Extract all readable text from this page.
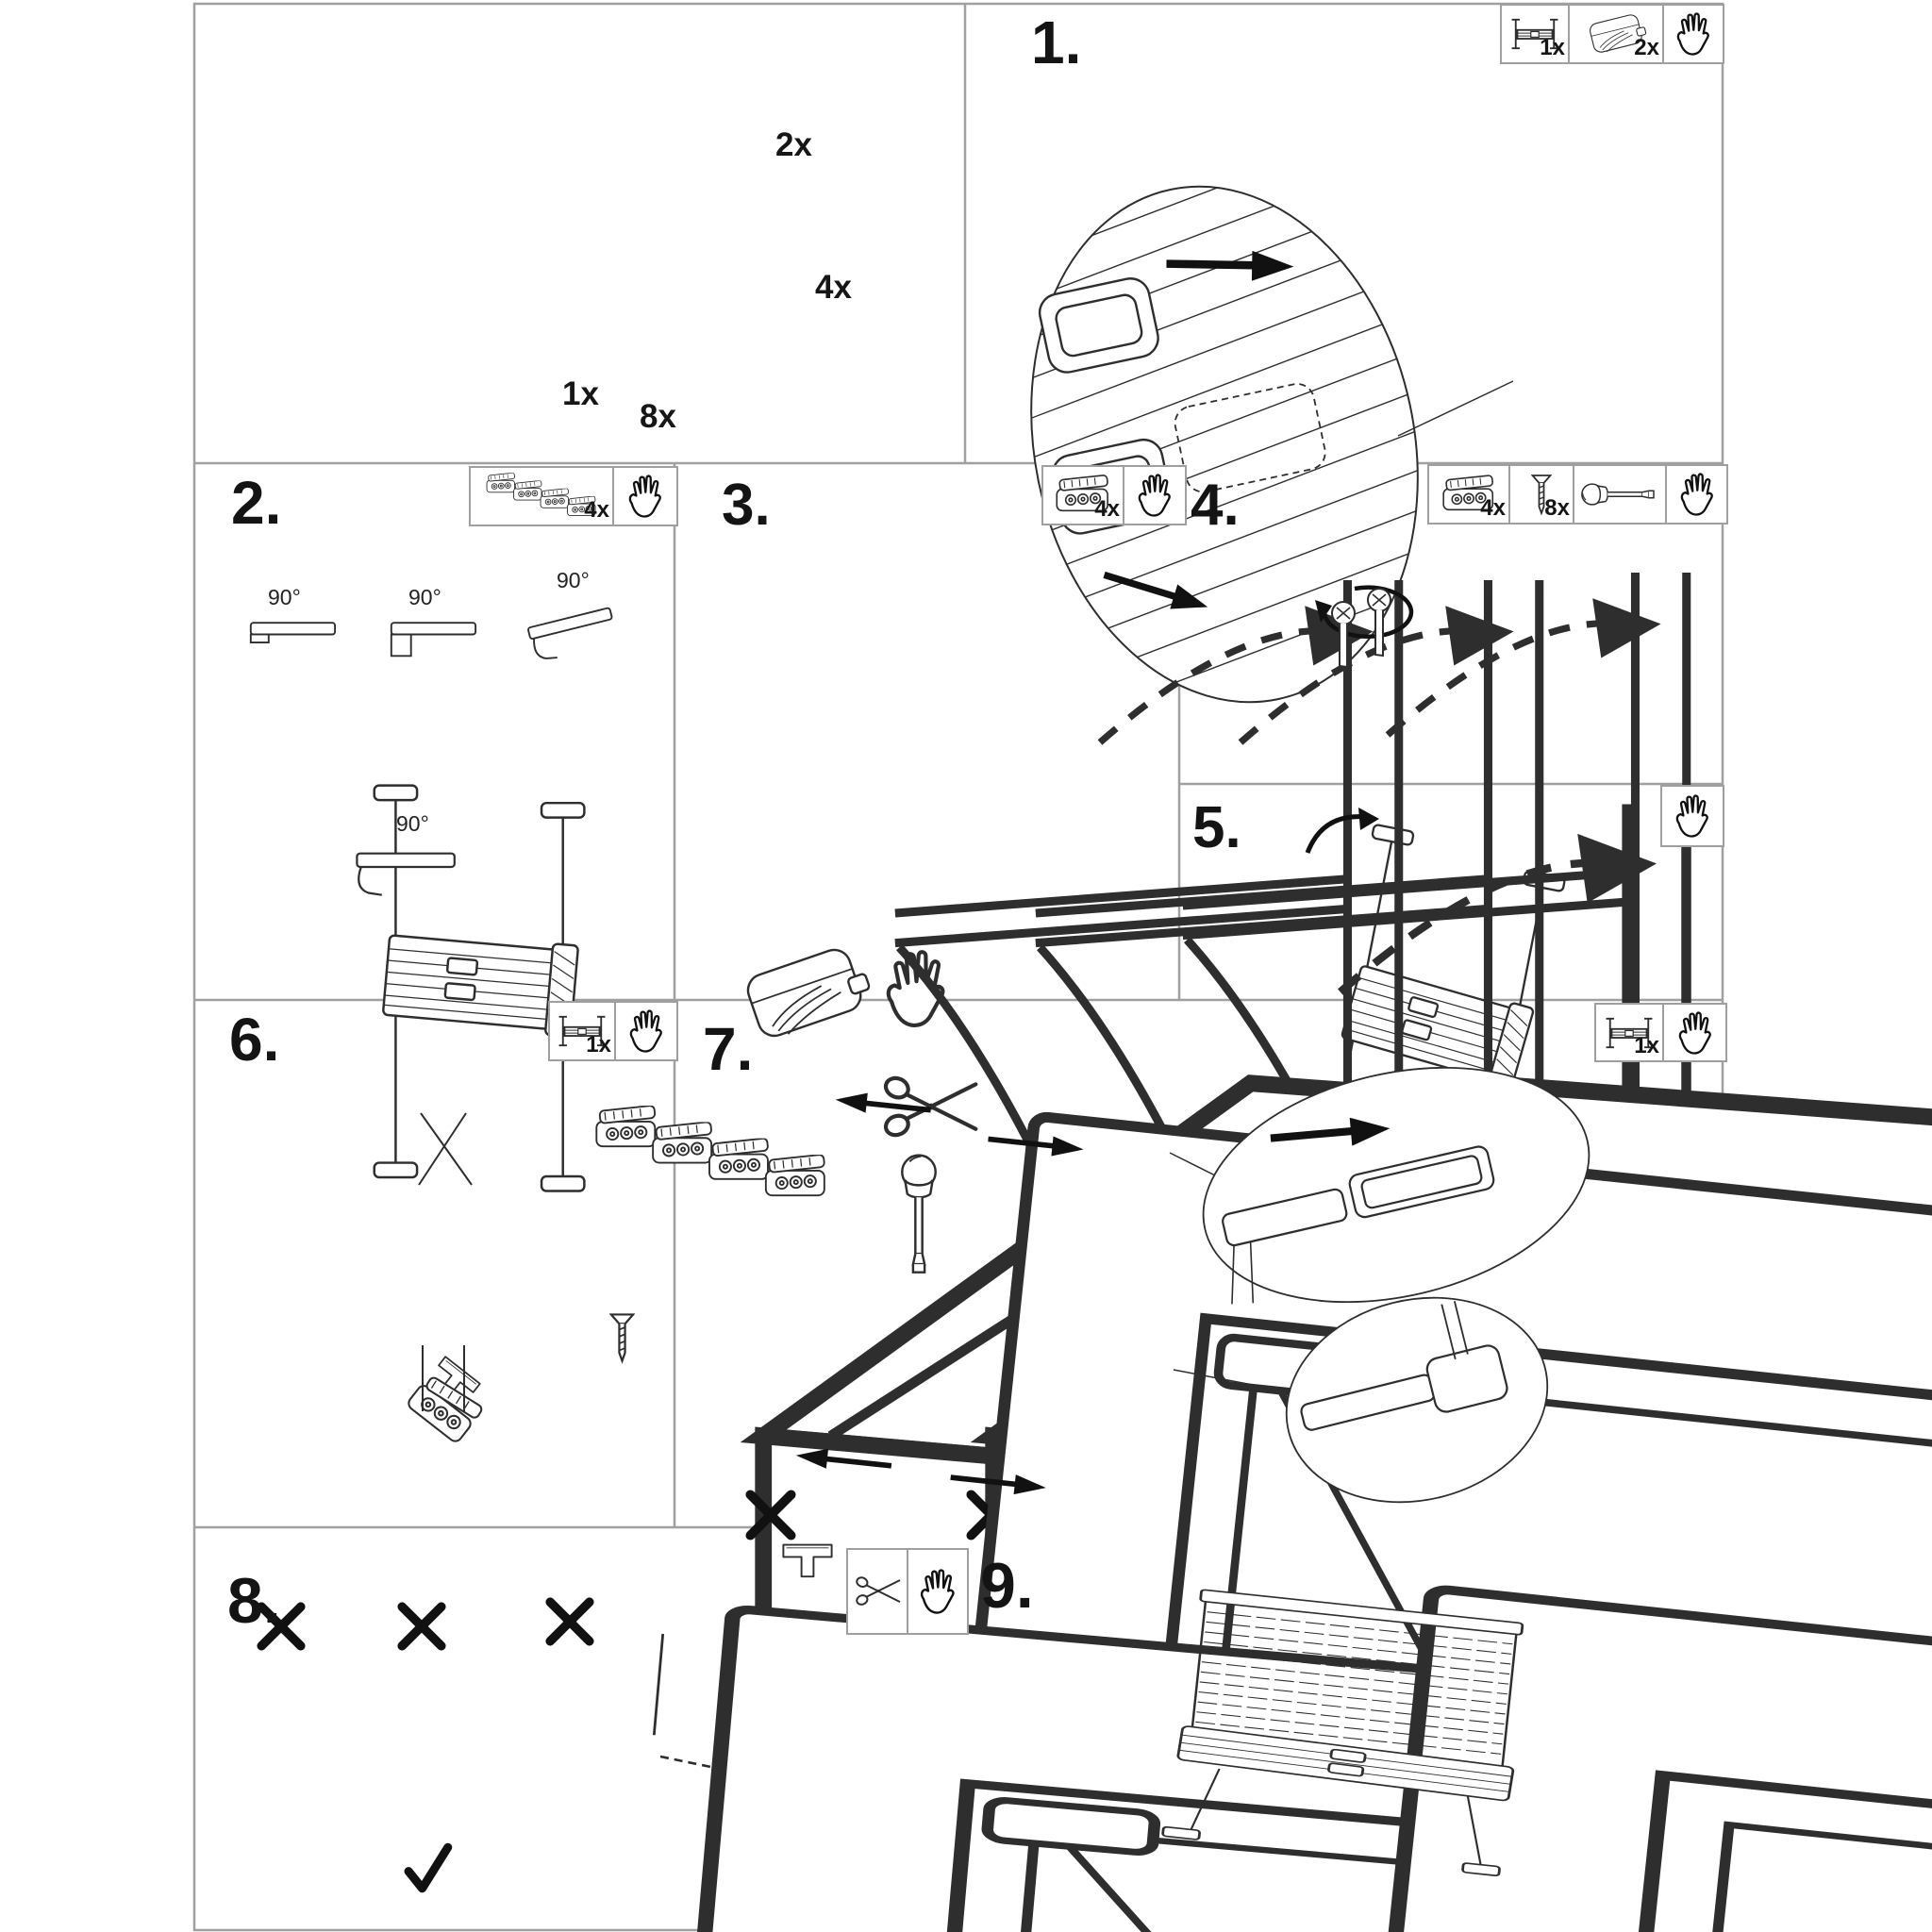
1x
2x
4x
8x
1.	1x	2x
2.	4x 3.	4x 4.	4x 8x
5.
6.	1x 7.	1x
8.	9.
90°	90°
90°
90°
